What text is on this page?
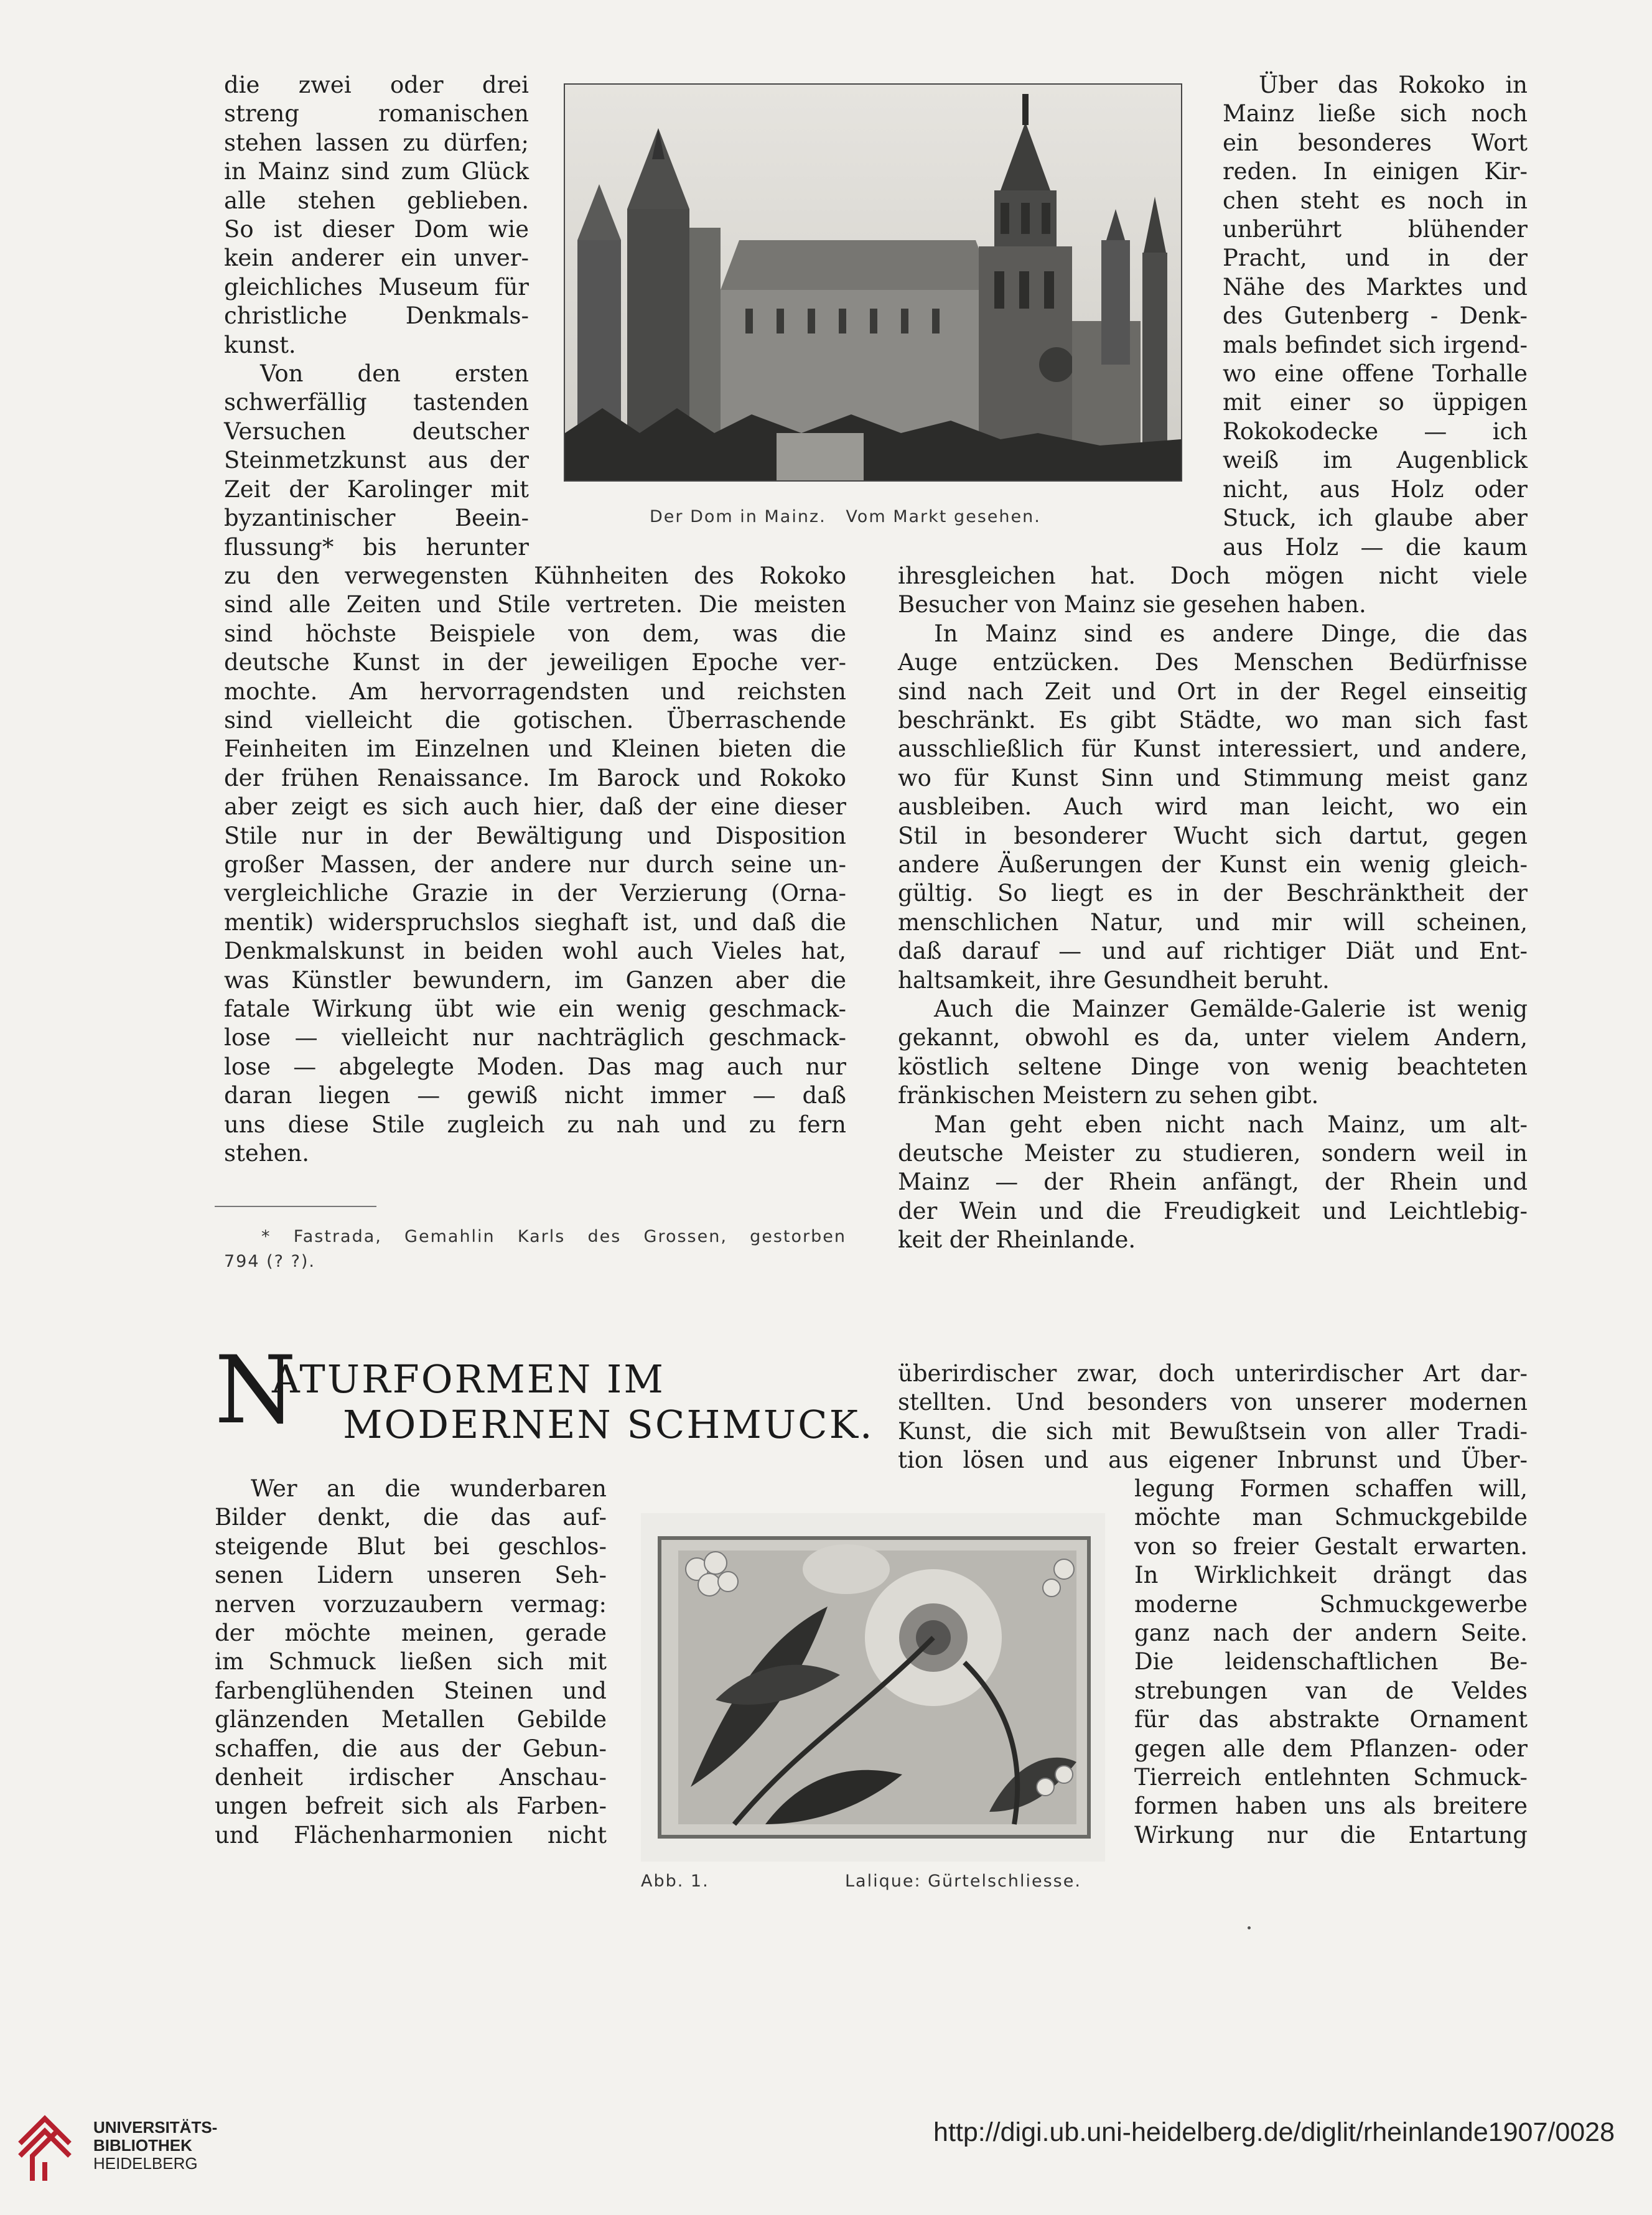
die zwei oder drei
streng romanischen
stehen lassen zu dürfen;
in Mainz sind zum Glück
alle stehen geblieben.
So ist dieser Dom wie
kein anderer ein unver-
gleichliches Museum für
christliche Denkmals-
kunst.
Von den ersten
schwerfällig tastenden
Versuchen deutscher
Steinmetzkunst aus der
Zeit der Karolinger mit
byzantinischer Beein-
flussung* bis herunter
zu den verwegensten Kühnheiten des Rokoko
sind alle Zeiten und Stile vertreten. Die meisten
sind höchste Beispiele von dem, was die
deutsche Kunst in der jeweiligen Epoche ver-
mochte. Am hervorragendsten und reichsten
sind vielleicht die gotischen. Überraschende
Feinheiten im Einzelnen und Kleinen bieten die
der frühen Renaissance. Im Barock und Rokoko
aber zeigt es sich auch hier, daß der eine dieser
Stile nur in der Bewältigung und Disposition
großer Massen, der andere nur durch seine un-
vergleichliche Grazie in der Verzierung (Orna-
mentik) widerspruchslos sieghaft ist, und daß die
Denkmalskunst in beiden wohl auch Vieles hat,
was Künstler bewundern, im Ganzen aber die
fatale Wirkung übt wie ein wenig geschmack-
lose — vielleicht nur nachträglich geschmack-
lose — abgelegte Moden. Das mag auch nur
daran liegen — gewiß nicht immer — daß
uns diese Stile zugleich zu nah und zu fern
stehen.
Über das Rokoko in
Mainz ließe sich noch
ein besonderes Wort
reden. In einigen Kir-
chen steht es noch in
unberührt blühender
Pracht, und in der
Nähe des Marktes und
des Gutenberg - Denk-
mals befindet sich irgend-
wo eine offene Torhalle
mit einer so üppigen
Rokokodecke — ich
weiß im Augenblick
nicht, aus Holz oder
Stuck, ich glaube aber
aus Holz — die kaum
ihresgleichen hat. Doch mögen nicht viele
Besucher von Mainz sie gesehen haben.
In Mainz sind es andere Dinge, die das
Auge entzücken. Des Menschen Bedürfnisse
sind nach Zeit und Ort in der Regel einseitig
beschränkt. Es gibt Städte, wo man sich fast
ausschließlich für Kunst interessiert, und andere,
wo für Kunst Sinn und Stimmung meist ganz
ausbleiben. Auch wird man leicht, wo ein
Stil in besonderer Wucht sich dartut, gegen
andere Äußerungen der Kunst ein wenig gleich-
gültig. So liegt es in der Beschränktheit der
menschlichen Natur, und mir will scheinen,
daß darauf — und auf richtiger Diät und Ent-
haltsamkeit, ihre Gesundheit beruht.
Auch die Mainzer Gemälde-Galerie ist wenig
gekannt, obwohl es da, unter vielem Andern,
köstlich seltene Dinge von wenig beachteten
fränkischen Meistern zu sehen gibt.
Man geht eben nicht nach Mainz, um alt-
deutsche Meister zu studieren, sondern weil in
Mainz — der Rhein anfängt, der Rhein und
der Wein und die Freudigkeit und Leichtlebig-
keit der Rheinlande.
Der Dom in Mainz.   Vom Markt gesehen.
* Fastrada, Gemahlin Karls des Grossen, gestorben
794 (? ?).
N
ATURFORMEN IM
MODERNEN SCHMUCK.
Wer an die wunderbaren
Bilder denkt, die das auf-
steigende Blut bei geschlos-
senen Lidern unseren Seh-
nerven vorzuzaubern vermag:
der möchte meinen, gerade
im Schmuck ließen sich mit
farbenglühenden Steinen und
glänzenden Metallen Gebilde
schaffen, die aus der Gebun-
denheit irdischer Anschau-
ungen befreit sich als Farben-
und Flächenharmonien nicht
überirdischer zwar, doch unterirdischer Art dar-
stellten. Und besonders von unserer modernen
Kunst, die sich mit Bewußtsein von aller Tradi-
tion lösen und aus eigener Inbrunst und Über-
legung Formen schaffen will,
möchte man Schmuckgebilde
von so freier Gestalt erwarten.
In Wirklichkeit drängt das
moderne Schmuckgewerbe
ganz nach der andern Seite.
Die leidenschaftlichen Be-
strebungen van de Veldes
für das abstrakte Ornament
gegen alle dem Pflanzen- oder
Tierreich entlehnten Schmuck-
formen haben uns als breitere
Wirkung nur die Entartung
Abb. 1.	Lalique: Gürtelschliesse.
UNIVERSITÄTS-
BIBLIOTHEK
HEIDELBERG
http://digi.ub.uni-heidelberg.de/diglit/rheinlande1907/0028
